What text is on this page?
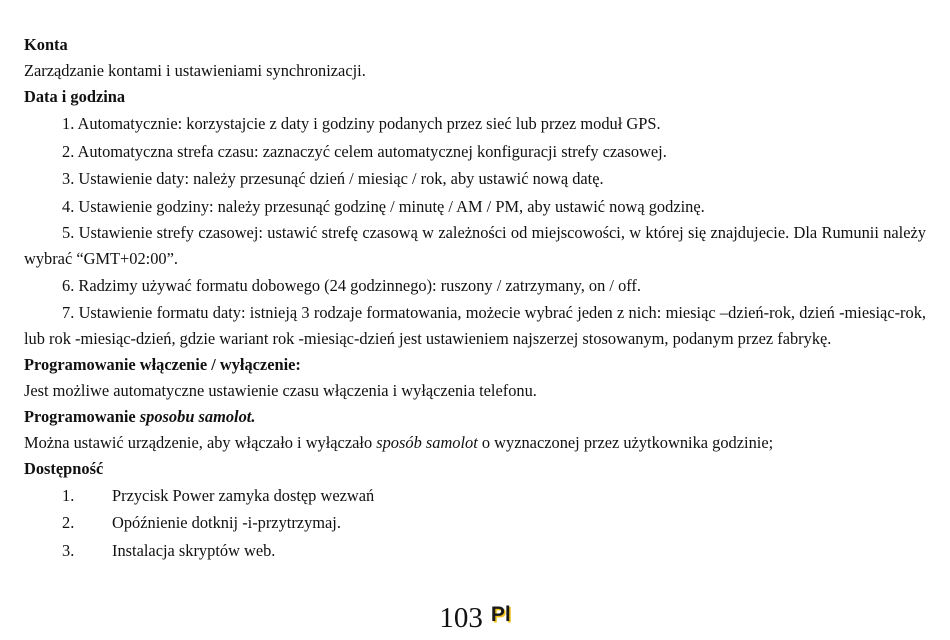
Konta

Zarządzanie kontami i ustawieniami synchronizacji.

Data i godzina

1. Automatycznie: korzystajcie z daty i godziny podanych przez sieć lub przez moduł GPS.

2. Automatyczna strefa czasu: zaznaczyć celem automatycznej konfiguracji strefy czasowej.

3. Ustawienie daty: należy przesunąć dzień / miesiąc / rok, aby ustawić nową datę.

4. Ustawienie godziny: należy przesunąć godzinę / minutę / AM / PM, aby ustawić nową godzinę.

5. Ustawienie strefy czasowej: ustawić strefę czasową w zależności od miejscowości, w której się znajdujecie. Dla Rumunii należy wybrać “GMT+02:00”.

6. Radzimy używać formatu dobowego (24 godzinnego): ruszony / zatrzymany, on / off.

7. Ustawienie formatu daty: istnieją 3 rodzaje formatowania, możecie wybrać jeden z nich: miesiąc –dzień-rok, dzień -miesiąc-rok, lub rok -miesiąc-dzień, gdzie wariant rok -miesiąc-dzień jest ustawieniem najszerzej stosowanym, podanym przez fabrykę.

Programowanie włączenie / wyłączenie:

Jest możliwe automatyczne ustawienie czasu włączenia i wyłączenia telefonu.

Programowanie sposobu samolot.

Można ustawić urządzenie, aby włączało i wyłączało sposób samolot o wyznaczonej przez użytkownika godzinie;

Dostępność

1.	Przycisk Power zamyka dostęp wezwań
2.	Opóźnienie dotknij -i-przytrzymaj.
3.	Instalacja skryptów web.
103 Pl
